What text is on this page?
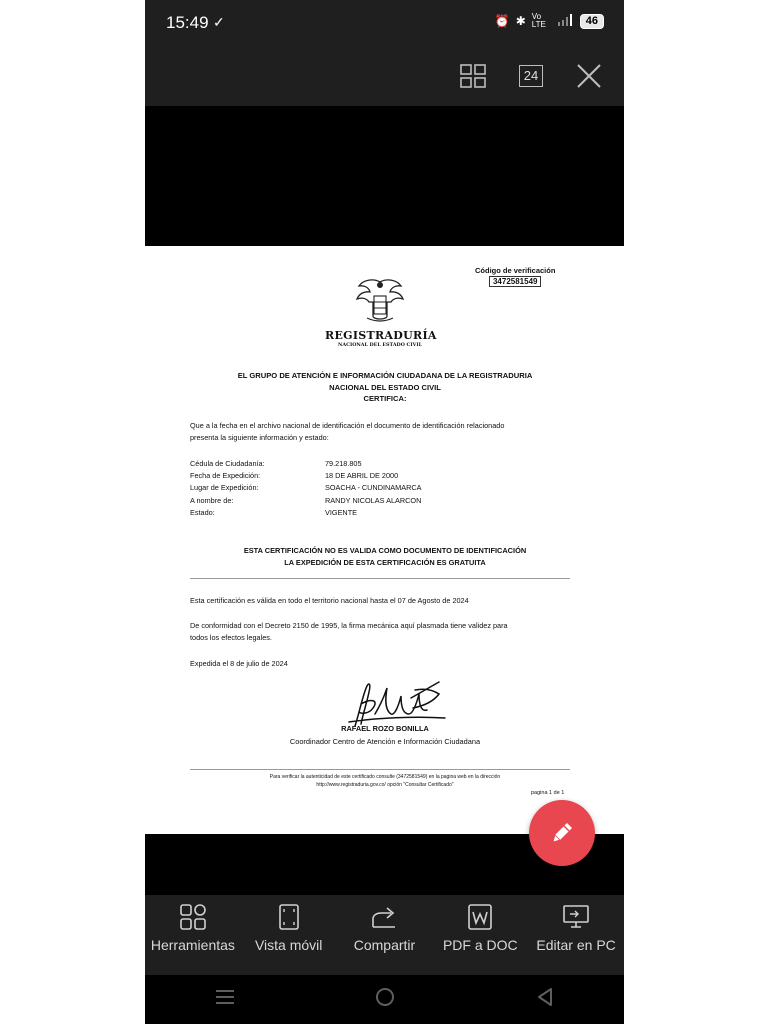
15:49 ✓	⏰ ✱ Vo LTE	46
24
Código de verificación
3472581549
REGISTRADURÍA
NACIONAL DEL ESTADO CIVIL
EL GRUPO DE ATENCIÓN E INFORMACIÓN CIUDADANA DE LA REGISTRADURIA
NACIONAL DEL ESTADO CIVIL
CERTIFICA:
Que a la fecha en el archivo nacional de identificación el documento de identificación relacionado
presenta la siguiente información y estado:
Cédula de Ciudadanía:	79.218.805
Fecha de Expedición:	18 DE ABRIL DE 2000
Lugar de Expedición:	SOACHA - CUNDINAMARCA
A nombre de:	RANDY NICOLAS ALARCON
Estado:	VIGENTE
ESTA CERTIFICACIÓN NO ES VALIDA COMO DOCUMENTO DE IDENTIFICACIÓN
LA EXPEDICIÓN DE ESTA CERTIFICACIÓN ES GRATUITA
Esta certificación es válida en todo el territorio nacional hasta el 07 de Agosto de 2024
De conformidad con el Decreto 2150 de 1995, la firma mecánica aquí plasmada tiene validez para
todos los efectos legales.
Expedida el 8 de julio de 2024
RAFAEL ROZO BONILLA
Coordinador Centro de Atención e Información Ciudadana
Para verificar la autenticidad de este certificado consulte (3472581549) en la pagina web en la dirección
http://www.registraduria.gov.co/ opción "Consultar Certificado"
pagina 1 de 1
Herramientas Vista móvil Compartir PDF a DOC Editar en PC
